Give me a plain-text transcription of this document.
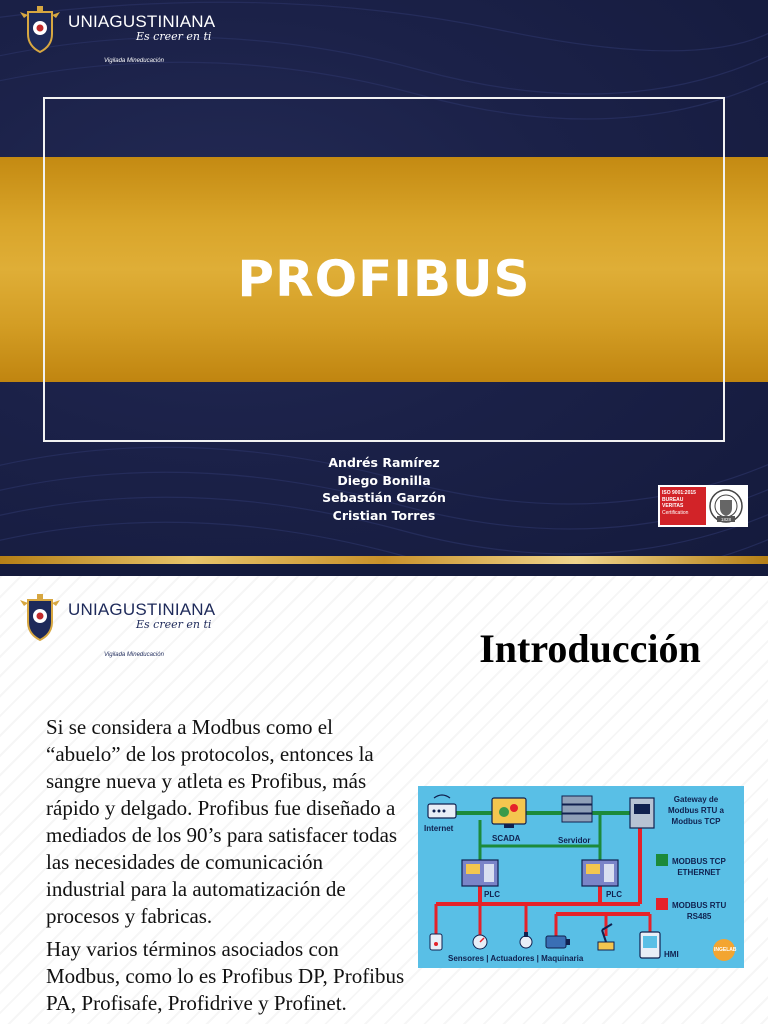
UNIAGUSTINIANA
Es creer en ti
Vigilada Mineducación
PROFIBUS
Andrés Ramírez
Diego Bonilla
Sebastián Garzón
Cristian Torres
ISO 9001:2015
BUREAU VERITAS
Certification
1828
UNIAGUSTINIANA
Es creer en ti
Vigilada Mineducación	Introducción

Si se considera a Modbus como el “abuelo” de los protocolos, entonces la sangre nueva y atleta es Profibus, más rápido y delgado. Profibus fue diseñado a mediados de los 90’s para satisfacer todas las necesidades de comunicación industrial para la automatización de procesos y fabricas.

Hay varios términos asociados con Modbus, como lo es Profibus DP, Profibus PA, Profisafe, Profidrive y Profinet.

Internet
SCADA	Servidor
Gateway de
Modbus RTU a
Modbus TCP
PLC	PLC
MODBUS TCP
ETHERNET
MODBUS RTU
RS485
Sensores | Actuadores | Maquinaria	HMI	INGELAB
